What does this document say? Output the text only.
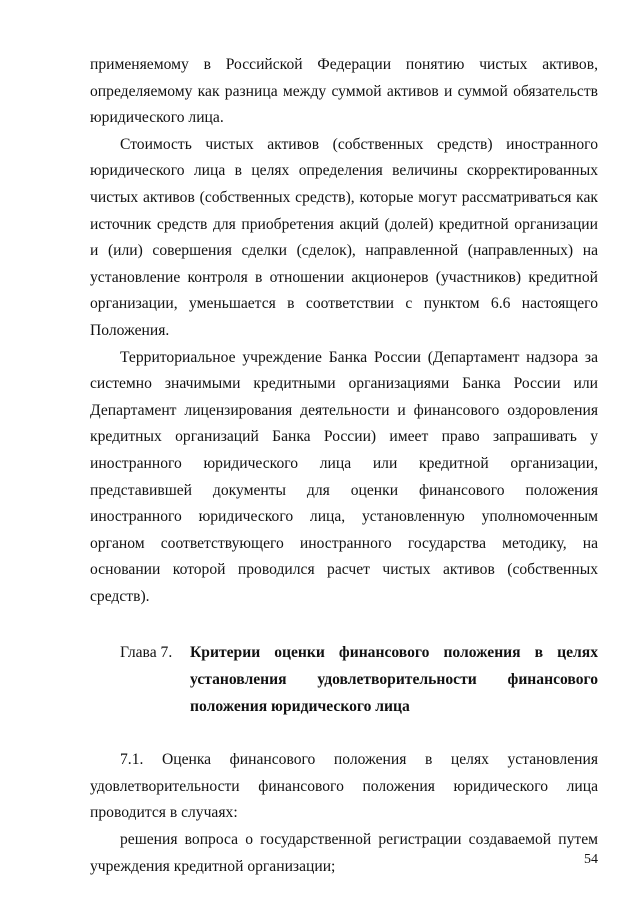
применяемому в Российской Федерации понятию чистых активов, определяемому как разница между суммой активов и суммой обязательств юридического лица.

Стоимость чистых активов (собственных средств) иностранного юридического лица в целях определения величины скорректированных чистых активов (собственных средств), которые могут рассматриваться как источник средств для приобретения акций (долей) кредитной организации и (или) совершения сделки (сделок), направленной (направленных) на установление контроля в отношении акционеров (участников) кредитной организации, уменьшается в соответствии с пунктом 6.6 настоящего Положения.

Территориальное учреждение Банка России (Департамент надзора за системно значимыми кредитными организациями Банка России или Департамент лицензирования деятельности и финансового оздоровления кредитных организаций Банка России) имеет право запрашивать у иностранного юридического лица или кредитной организации, представившей документы для оценки финансового положения иностранного юридического лица, установленную уполномоченным органом соответствующего иностранного государства методику, на основании которой проводился расчет чистых активов (собственных средств).

Глава 7.	Критерии оценки финансового положения в целях установления удовлетворительности финансового положения юридического лица

7.1. Оценка финансового положения в целях установления удовлетворительности финансового положения юридического лица проводится в случаях:

решения вопроса о государственной регистрации создаваемой путем учреждения кредитной организации;	54
